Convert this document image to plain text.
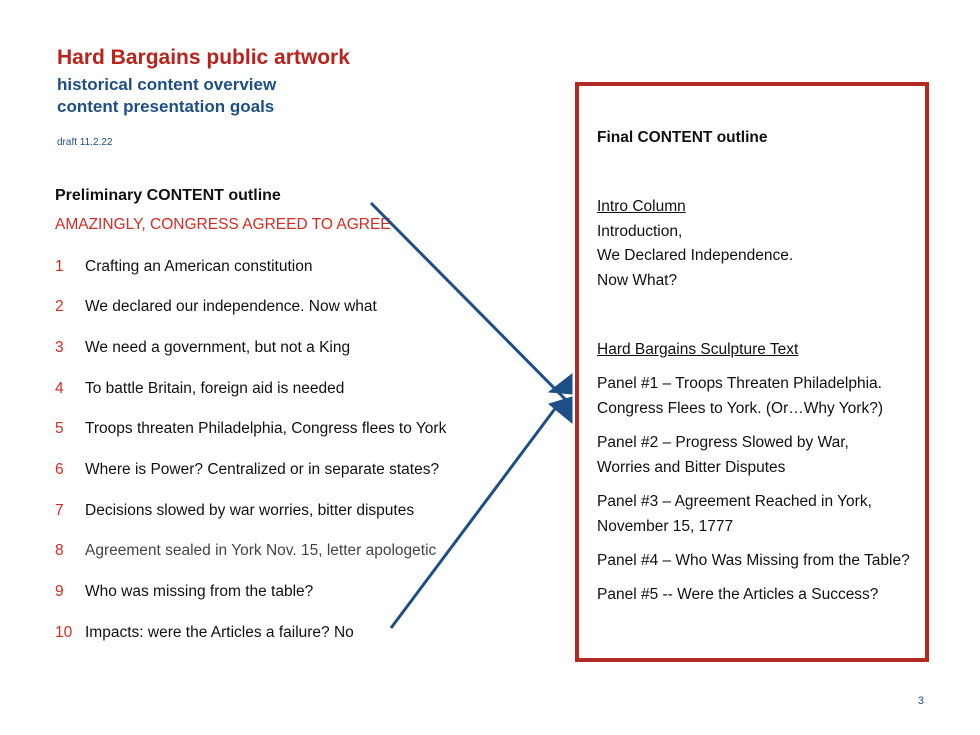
Hard Bargains public artwork
historical content overview
content presentation goals
draft 11.2.22
Preliminary CONTENT outline
AMAZINGLY, CONGRESS AGREED TO AGREE
1 Crafting an American constitution
2 We declared our independence. Now what
3 We need a government, but not a King
4 To battle Britain, foreign aid is needed
5 Troops threaten Philadelphia, Congress flees to York
6 Where is Power? Centralized or in separate states?
7 Decisions slowed by war worries, bitter disputes
8 Agreement sealed in York Nov. 15, letter apologetic
9 Who was missing from the table?
10 Impacts: were the Articles a failure? No
Final CONTENT outline
Intro Column
Introduction,
We Declared Independence.
Now What?
Hard Bargains Sculpture Text
Panel #1 – Troops Threaten Philadelphia.
Congress Flees to York. (Or…Why York?)
Panel #2 – Progress Slowed by War,
Worries and Bitter Disputes
Panel #3 – Agreement Reached in York,
November 15, 1777
Panel #4 – Who Was Missing from the Table?
Panel #5 -- Were the Articles a Success?
3
